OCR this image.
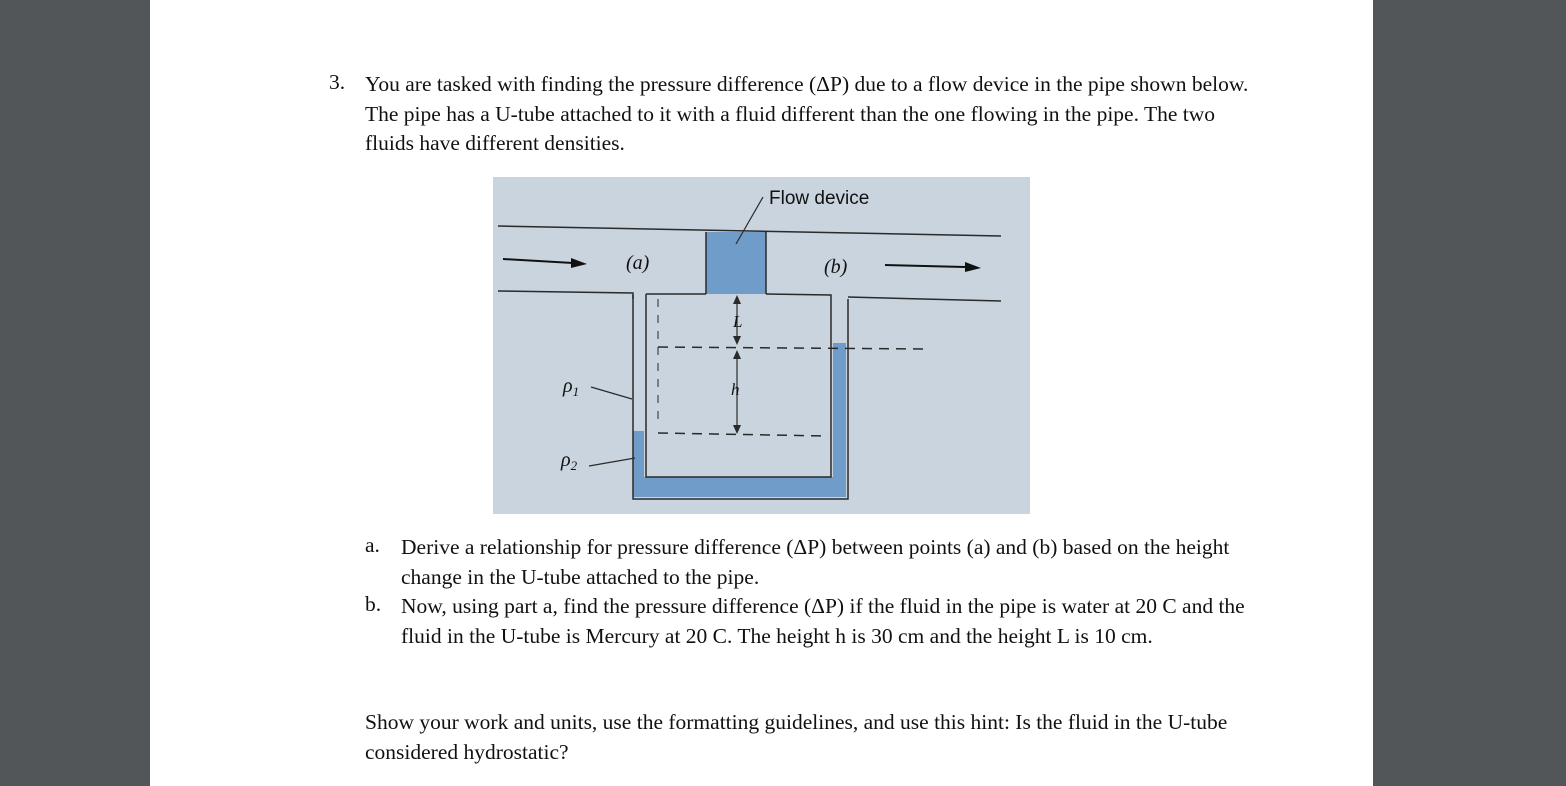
3. You are tasked with finding the pressure difference (ΔP) due to a flow device in the pipe shown below. The pipe has a U-tube attached to it with a fluid different than the one flowing in the pipe. The two fluids have different densities.
Flow device
(a)	(b)
L
h
$\rho_1$
$\rho_2$
a. Derive a relationship for pressure difference (ΔP) between points (a) and (b) based on the height change in the U-tube attached to the pipe.
b. Now, using part a, find the pressure difference (ΔP) if the fluid in the pipe is water at 20 C and the fluid in the U-tube is Mercury at 20 C. The height h is 30 cm and the height L is 10 cm.
Show your work and units, use the formatting guidelines, and use this hint: Is the fluid in the U-tube considered hydrostatic?
